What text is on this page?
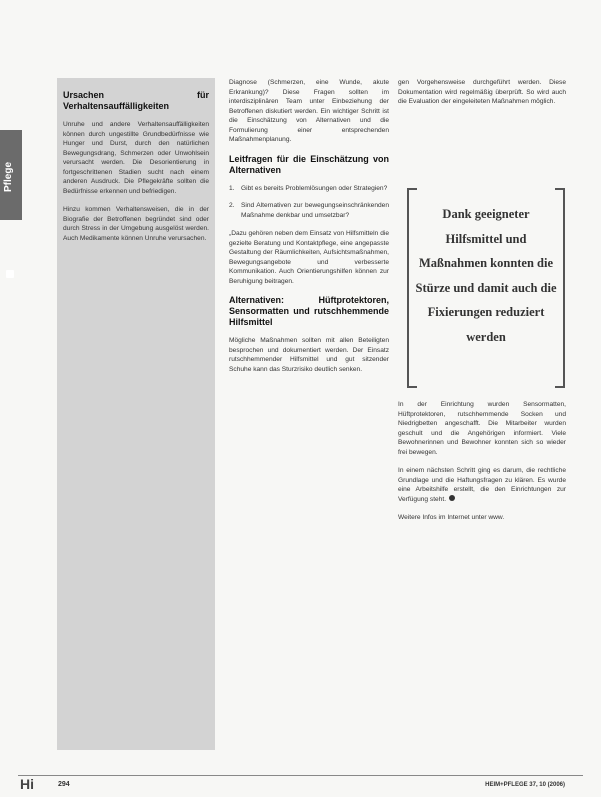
Pflege
Ursachen für Verhaltensauffälligkeiten

Unruhe und andere Verhaltensauffälligkeiten können durch ungestillte Grundbedürfnisse wie Hunger und Durst, durch den natürlichen Bewegungsdrang, Schmerzen oder Unwohlsein verursacht werden. Die Desorientierung in fortgeschrittenen Stadien sucht nach einem anderen Ausdruck. Die Pflegekräfte sollten die Bedürfnisse erkennen und befriedigen.

Hinzu kommen Verhaltensweisen, die in der Biografie der Betroffenen begründet sind oder durch Stress in der Umgebung ausgelöst werden. Auch Medikamente können Unruhe verursachen.

Diagnose (Schmerzen, eine Wunde, akute Erkrankung)? Diese Fragen sollten im interdisziplinären Team unter Einbeziehung der Betroffenen diskutiert werden. Ein wichtiger Schritt ist die Einschätzung von Alternativen und die Formulierung einer entsprechenden Maßnahmenplanung.

Leitfragen für die Einschätzung von Alternativen
1. Gibt es bereits Problemlösungen oder Strategien?
2. Sind Alternativen zur bewegungseinschränkenden Maßnahme denkbar und umsetzbar?

„Dazu gehören neben dem Einsatz von Hilfsmitteln die gezielte Beratung und Kontaktpflege, eine angepasste Gestaltung der Räumlichkeiten, Aufsichtsmaßnahmen, Bewegungsangebote und verbesserte Kommunikation. Auch Orientierungshilfen können zur Beruhigung beitragen.

Alternativen: Hüftprotektoren, Sensormatten und rutschhemmende Hilfsmittel

Mögliche Maßnahmen sollten mit allen Beteiligten besprochen und dokumentiert werden. Der Einsatz rutschhemmender Hilfsmittel und gut sitzender Schuhe kann das Sturzrisiko deutlich senken.

gen Vorgehensweise durchgeführt werden. Diese Dokumentation wird regelmäßig überprüft. So wird auch die Evaluation der eingeleiteten Maßnahmen möglich.

Dank geeigneter Hilfsmittel und Maßnahmen konnten die Stürze und damit auch die Fixierungen reduziert werden

In der Einrichtung wurden Sensormatten, Hüftprotektoren, rutschhemmende Socken und Niedrigbetten angeschafft. Die Mitarbeiter wurden geschult und die Angehörigen informiert. Viele Bewohnerinnen und Bewohner konnten sich so wieder frei bewegen.

In einem nächsten Schritt ging es darum, die rechtliche Grundlage und die Haftungsfragen zu klären. Es wurde eine Arbeitshilfe erstellt, die den Einrichtungen zur Verfügung steht.

Weitere Infos im Internet unter www.

Hi	294	HEIM+PFLEGE 37, 10 (2006)
